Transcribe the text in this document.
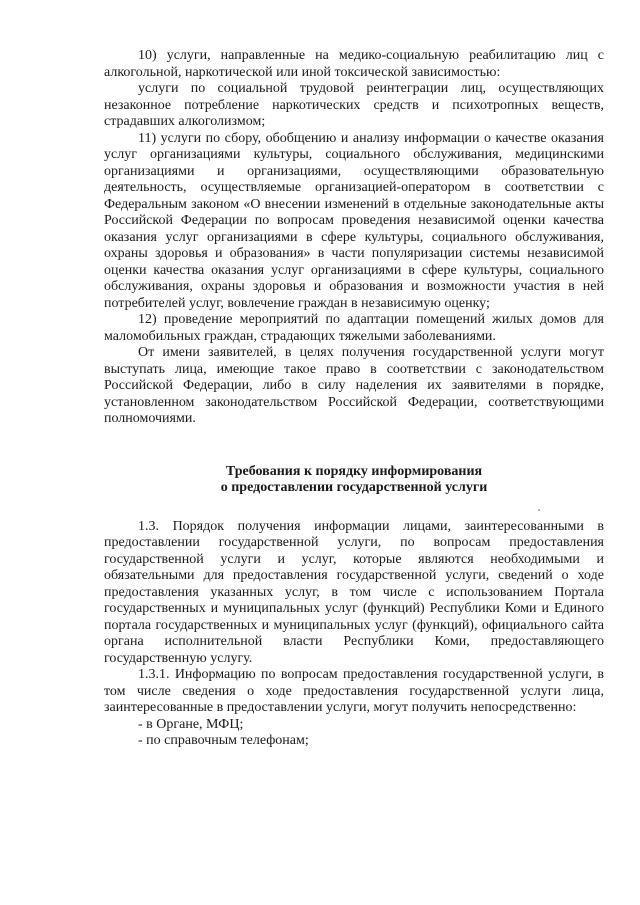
10) услуги, направленные на медико-социальную реабилитацию лиц с алкогольной, наркотической или иной токсической зависимостью:

услуги по социальной трудовой реинтеграции лиц, осуществляющих незаконное потребление наркотических средств и психотропных веществ, страдавших алкоголизмом;

11) услуги по сбору, обобщению и анализу информации о качестве оказания услуг организациями культуры, социального обслуживания, медицинскими организациями и организациями, осуществляющими образовательную деятельность, осуществляемые организацией-оператором в соответствии с Федеральным законом «О внесении изменений в отдельные законодательные акты Российской Федерации по вопросам проведения независимой оценки качества оказания услуг организациями в сфере культуры, социального обслуживания, охраны здоровья и образования» в части популяризации системы независимой оценки качества оказания услуг организациями в сфере культуры, социального обслуживания, охраны здоровья и образования и возможности участия в ней потребителей услуг, вовлечение граждан в независимую оценку;

12) проведение мероприятий по адаптации помещений жилых домов для маломобильных граждан, страдающих тяжелыми заболеваниями.

От имени заявителей, в целях получения государственной услуги могут выступать лица, имеющие такое право в соответствии с законодательством Российской Федерации, либо в силу наделения их заявителями в порядке, установленном законодательством Российской Федерации, соответствующими полномочиями.

Требования к порядку информирования
о предоставлении государственной услуги

1.3. Порядок получения информации лицами, заинтересованными в предоставлении государственной услуги, по вопросам предоставления государственной услуги и услуг, которые являются необходимыми и обязательными для предоставления государственной услуги, сведений о ходе предоставления указанных услуг, в том числе с использованием Портала государственных и муниципальных услуг (функций) Республики Коми и Единого портала государственных и муниципальных услуг (функций), официального сайта органа исполнительной власти Республики Коми, предоставляющего государственную услугу.

1.3.1. Информацию по вопросам предоставления государственной услуги, в том числе сведения о ходе предоставления государственной услуги лица, заинтересованные в предоставлении услуги, могут получить непосредственно:

- в Органе, МФЦ;

- по справочным телефонам;
